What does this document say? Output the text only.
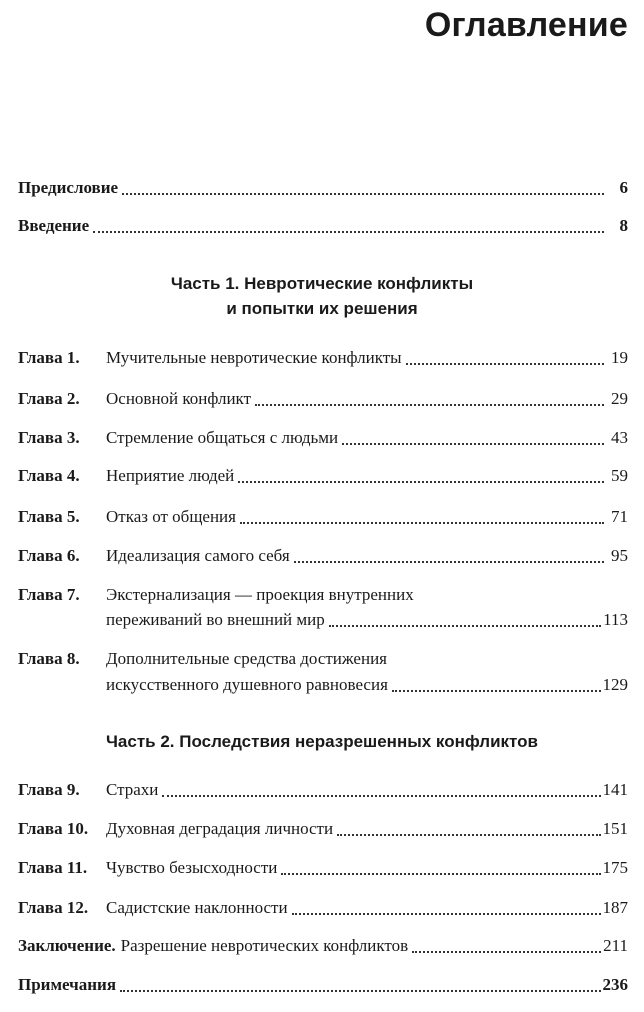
Оглавление
Предисловие	6
Введение	8
Часть 1. Невротические конфликты
и попытки их решения
Глава 1.	Мучительные невротические конфликты	19
Глава 2.	Основной конфликт	29
Глава 3.	Стремление общаться с людьми	43
Глава 4.	Неприятие людей	59
Глава 5.	Отказ от общения	71
Глава 6.	Идеализация самого себя	95
Глава 7.	Экстернализация — проекция внутренних
переживаний во внешний мир	113
Глава 8.	Дополнительные средства достижения
искусственного душевного равновесия	129
Часть 2. Последствия неразрешенных конфликтов
Глава 9.	Страхи	141
Глава 10.	Духовная деградация личности	151
Глава 11.	Чувство безысходности	175
Глава 12.	Садистские наклонности	187
Заключение. Разрешение невротических конфликтов	211
Примечания	236
